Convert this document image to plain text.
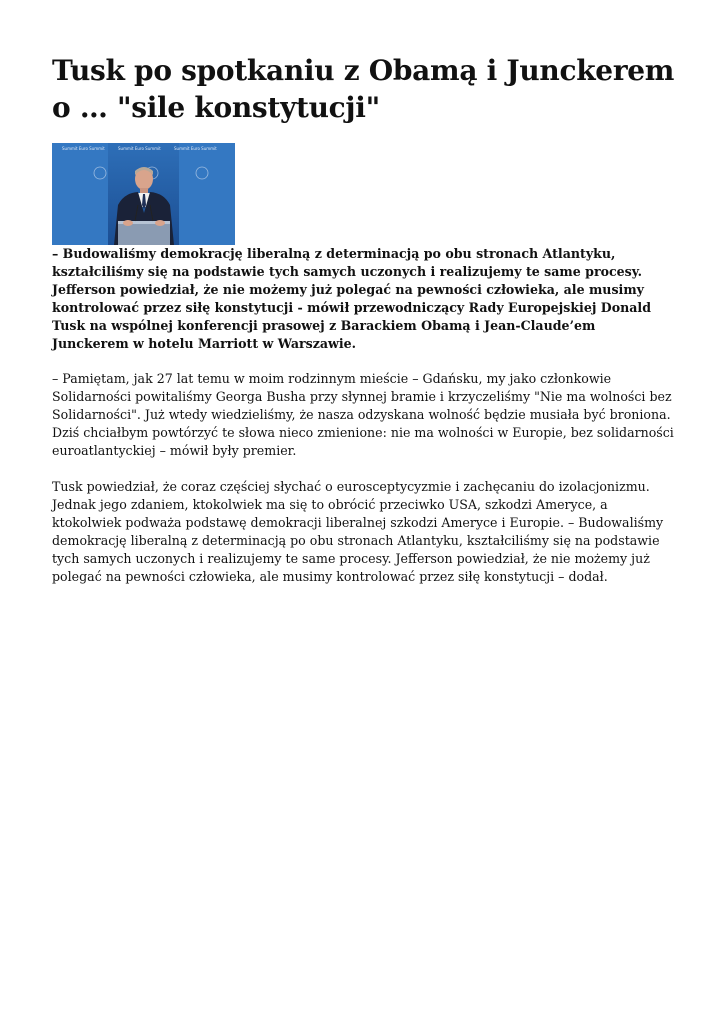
Tusk po spotkaniu z Obamą i Junckerem o … "sile konstytucji"
Summit Euro Summit	Summit Euro Summit	Summit Euro Summit

– Budowaliśmy demokrację liberalną z determinacją po obu stronach Atlantyku, kształciliśmy się na podstawie tych samych uczonych i realizujemy te same procesy. Jefferson powiedział, że nie możemy już polegać na pewności człowieka, ale musimy kontrolować przez siłę konstytucji - mówił przewodniczący Rady Europejskiej Donald Tusk na wspólnej konferencji prasowej z Barackiem Obamą i Jean-Claude’em Junckerem w hotelu Marriott w Warszawie.

– Pamiętam, jak 27 lat temu w moim rodzinnym mieście – Gdańsku, my jako członkowie Solidarności powitaliśmy Georga Busha przy słynnej bramie i krzyczeliśmy "Nie ma wolności bez Solidarności". Już wtedy wiedzieliśmy, że nasza odzyskana wolność będzie musiała być broniona. Dziś chciałbym powtórzyć te słowa nieco zmienione: nie ma wolności w Europie, bez solidarności euroatlantyckiej – mówił były premier.

Tusk powiedział, że coraz częściej słychać o eurosceptycyzmie i zachęcaniu do izolacjonizmu. Jednak jego zdaniem, ktokolwiek ma się to obrócić przeciwko USA, szkodzi Ameryce, a ktokolwiek podważa podstawę demokracji liberalnej szkodzi Ameryce i Europie. – Budowaliśmy demokrację liberalną z determinacją po obu stronach Atlantyku, kształciliśmy się na podstawie tych samych uczonych i realizujemy te same procesy. Jefferson powiedział, że nie możemy już polegać na pewności człowieka, ale musimy kontrolować przez siłę konstytucji – dodał.
